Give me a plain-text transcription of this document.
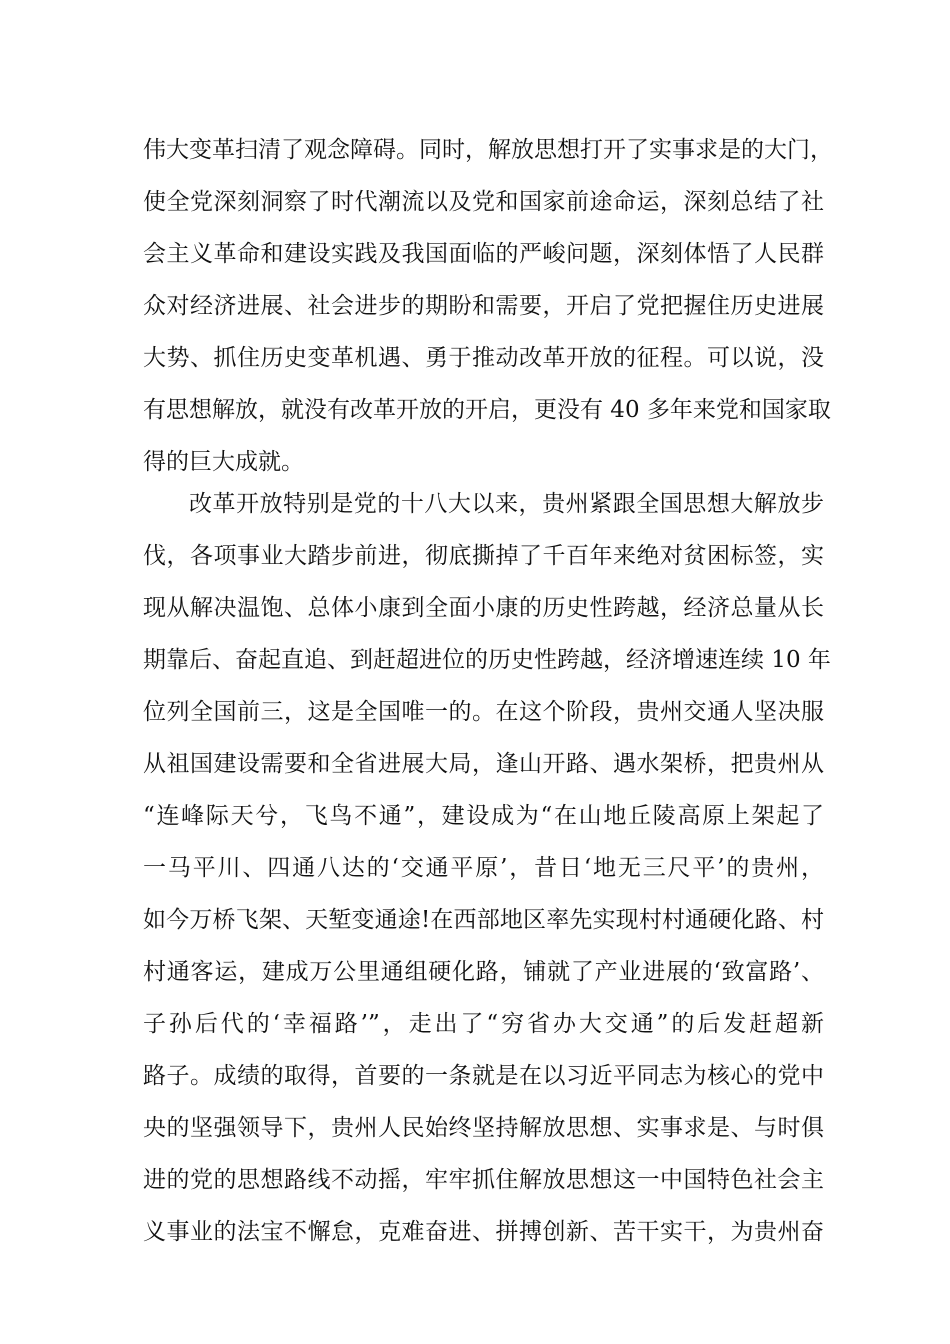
伟大变革扫清了观念障碍。同时，解放思想打开了实事求是的大门，
使全党深刻洞察了时代潮流以及党和国家前途命运，深刻总结了社
会主义革命和建设实践及我国面临的严峻问题，深刻体悟了人民群
众对经济进展、社会进步的期盼和需要，开启了党把握住历史进展
大势、抓住历史变革机遇、勇于推动改革开放的征程。可以说，没
有思想解放，就没有改革开放的开启，更没有 40 多年来党和国家取
得的巨大成就。
改革开放特别是党的十八大以来，贵州紧跟全国思想大解放步
伐，各项事业大踏步前进，彻底撕掉了千百年来绝对贫困标签，实
现从解决温饱、总体小康到全面小康的历史性跨越，经济总量从长
期靠后、奋起直追、到赶超进位的历史性跨越，经济增速连续 10 年
位列全国前三，这是全国唯一的。在这个阶段，贵州交通人坚决服
从祖国建设需要和全省进展大局，逢山开路、遇水架桥，把贵州从
“连峰际天兮，飞鸟不通”，建设成为“在山地丘陵高原上架起了
一马平川、四通八达的‘交通平原’，昔日‘地无三尺平’的贵州，
如今万桥飞架、天堑变通途!在西部地区率先实现村村通硬化路、村
村通客运，建成万公里通组硬化路，铺就了产业进展的‘致富路’、
子孙后代的‘幸福路’”，走出了“穷省办大交通”的后发赶超新
路子。成绩的取得，首要的一条就是在以习近平同志为核心的党中
央的坚强领导下，贵州人民始终坚持解放思想、实事求是、与时俱
进的党的思想路线不动摇，牢牢抓住解放思想这一中国特色社会主
义事业的法宝不懈怠，克难奋进、拼搏创新、苦干实干，为贵州奋
